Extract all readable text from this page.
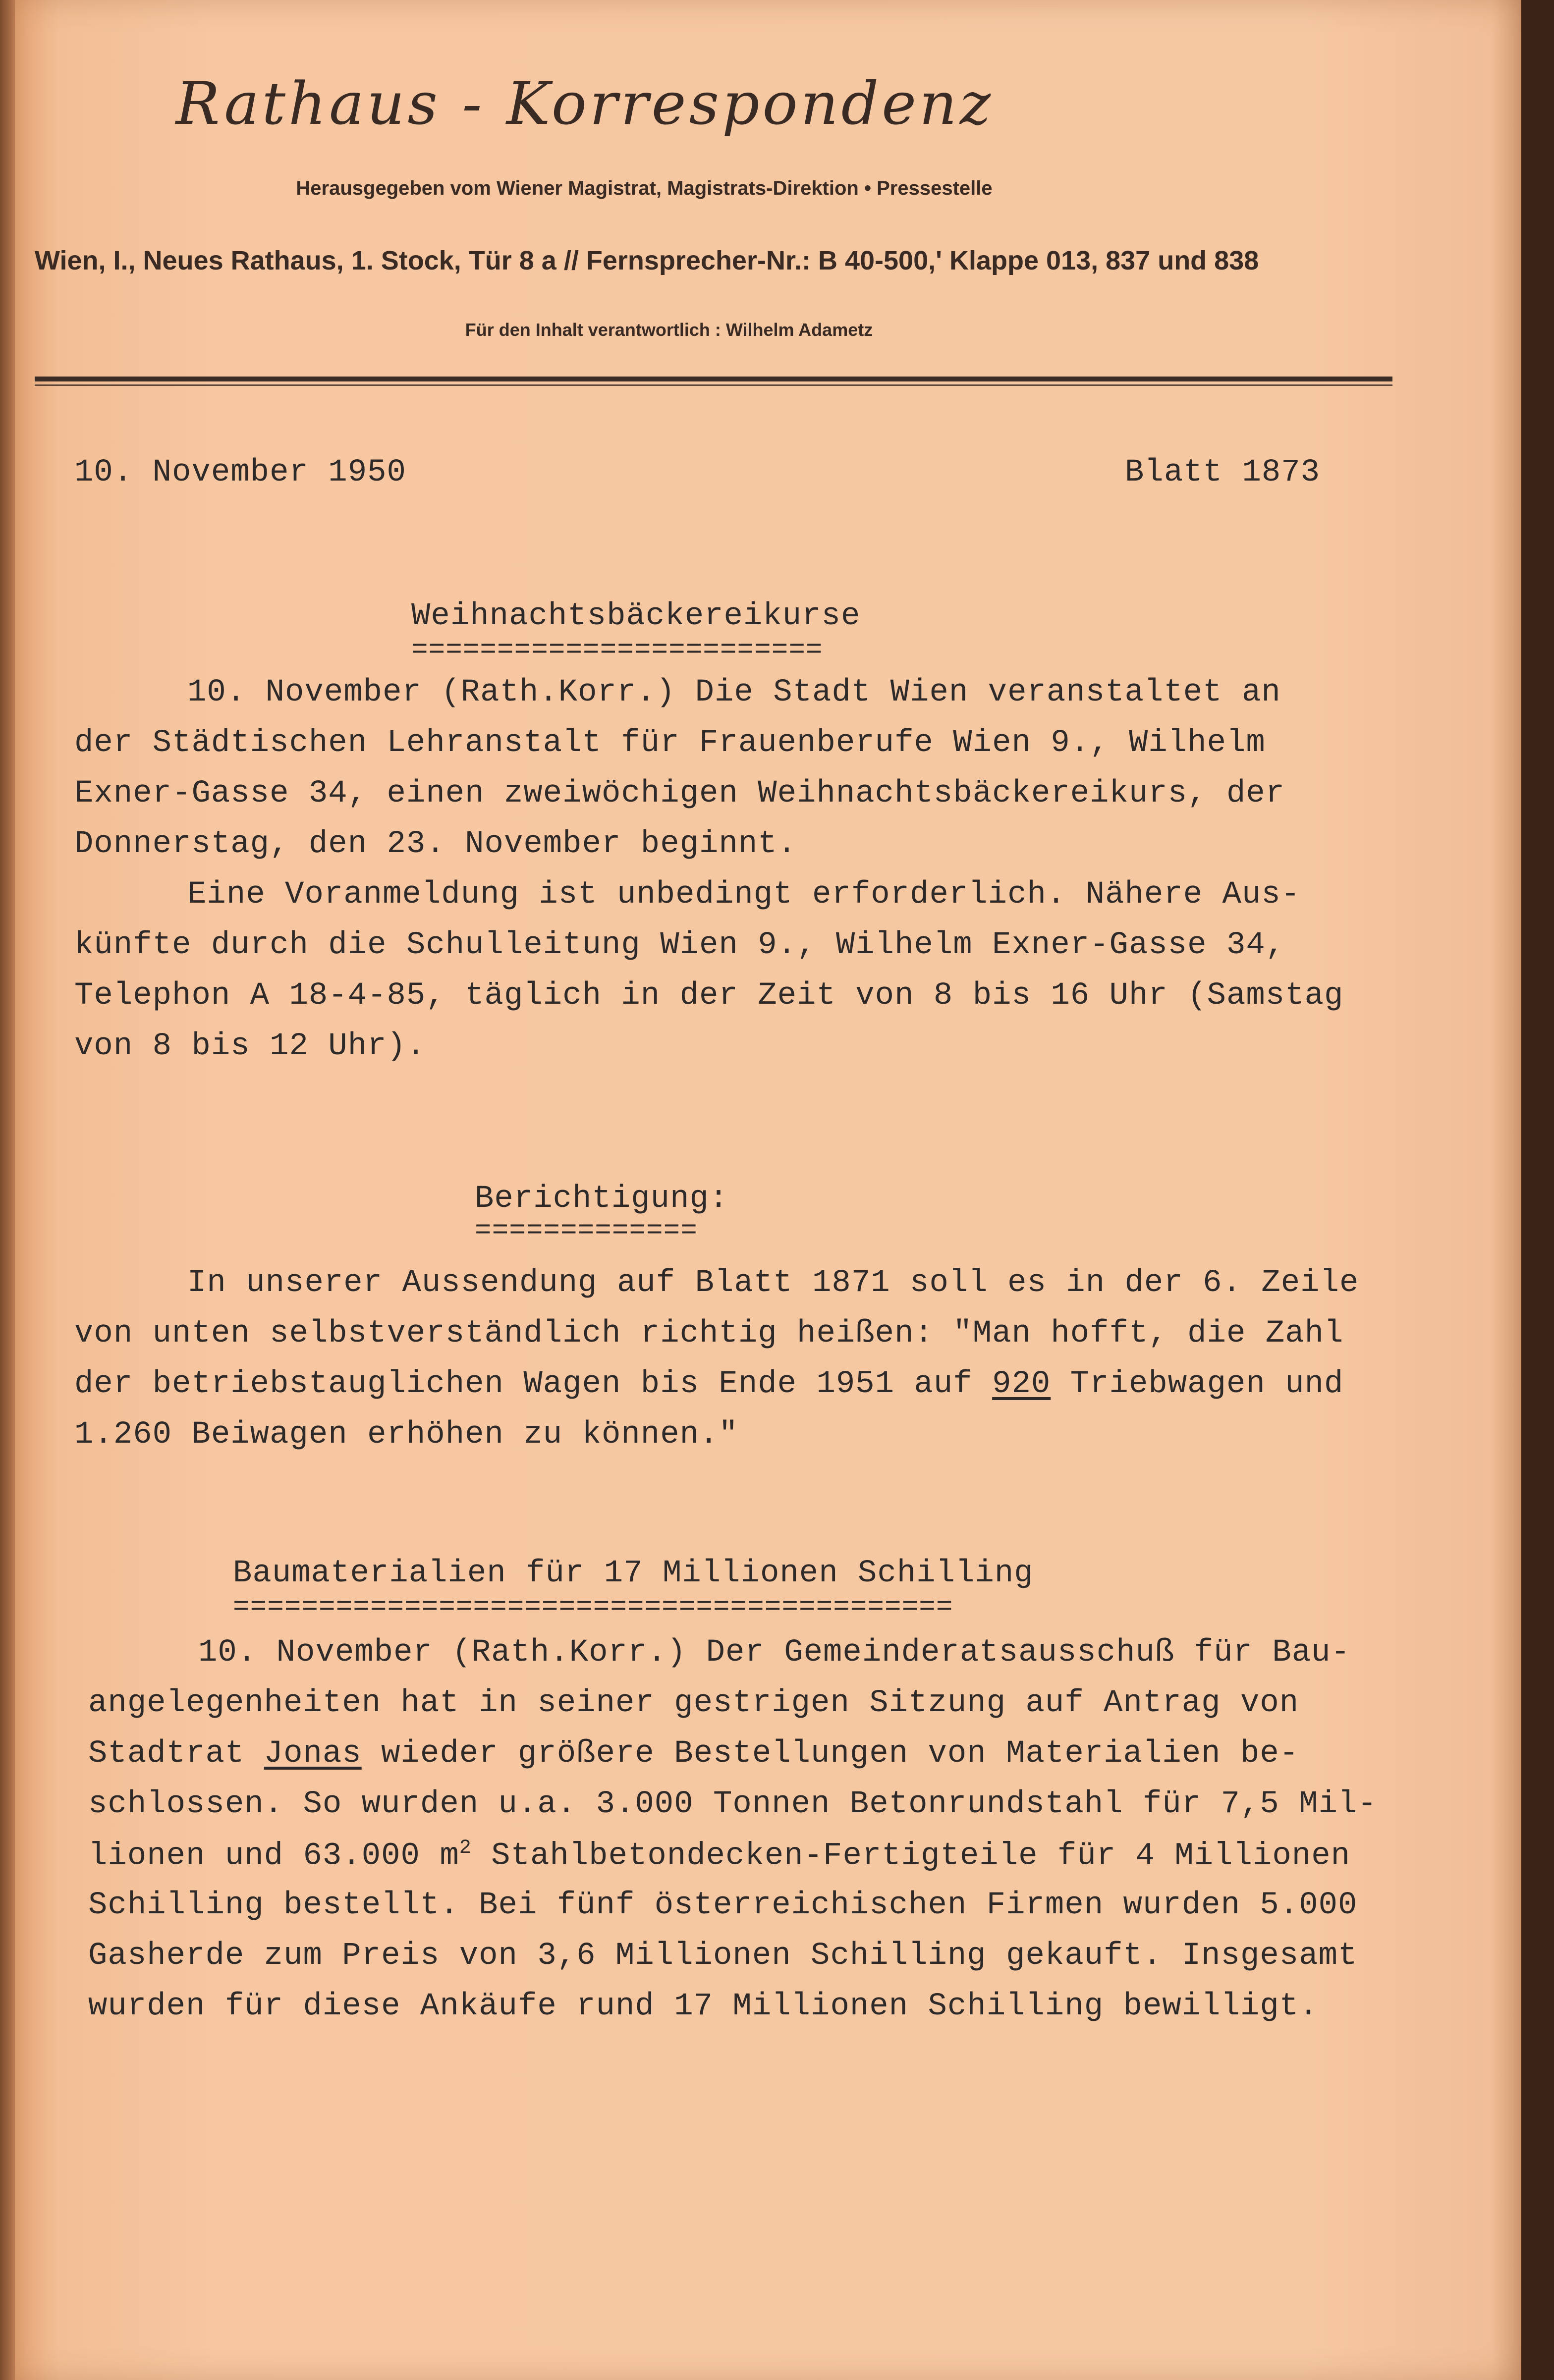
Rathaus - Korrespondenz
Herausgegeben vom Wiener Magistrat, Magistrats-Direktion • Pressestelle
Wien, I., Neues Rathaus, 1. Stock, Tür 8 a // Fernsprecher-Nr.: B 40-500,' Klappe 013, 837 und 838
Für den Inhalt verantwortlich : Wilhelm Adametz
10. November 1950	Blatt 1873
Weihnachtsbäckereikurse
========================
10. November (Rath.Korr.) Die Stadt Wien veranstaltet an
der Städtischen Lehranstalt für Frauenberufe Wien 9., Wilhelm
Exner-Gasse 34, einen zweiwöchigen Weihnachtsbäckereikurs, der
Donnerstag, den 23. November beginnt.
Eine Voranmeldung ist unbedingt erforderlich. Nähere Aus-
künfte durch die Schulleitung Wien 9., Wilhelm Exner-Gasse 34,
Telephon A 18-4-85, täglich in der Zeit von 8 bis 16 Uhr (Samstag
von 8 bis 12 Uhr).
Berichtigung:
=============
In unserer Aussendung auf Blatt 1871 soll es in der 6. Zeile
von unten selbstverständlich richtig heißen: "Man hofft, die Zahl
der betriebstauglichen Wagen bis Ende 1951 auf 920 Triebwagen und
1.260 Beiwagen erhöhen zu können."
Baumaterialien für 17 Millionen Schilling
==========================================
10. November (Rath.Korr.) Der Gemeinderatsausschuß für Bau-
angelegenheiten hat in seiner gestrigen Sitzung auf Antrag von
Stadtrat Jonas wieder größere Bestellungen von Materialien be-
schlossen. So wurden u.a. 3.000 Tonnen Betonrundstahl für 7,5 Mil-
lionen und 63.000 $m^2$ Stahlbetondecken-Fertigteile für 4 Millionen
Schilling bestellt. Bei fünf österreichischen Firmen wurden 5.000
Gasherde zum Preis von 3,6 Millionen Schilling gekauft. Insgesamt
wurden für diese Ankäufe rund 17 Millionen Schilling bewilligt.
